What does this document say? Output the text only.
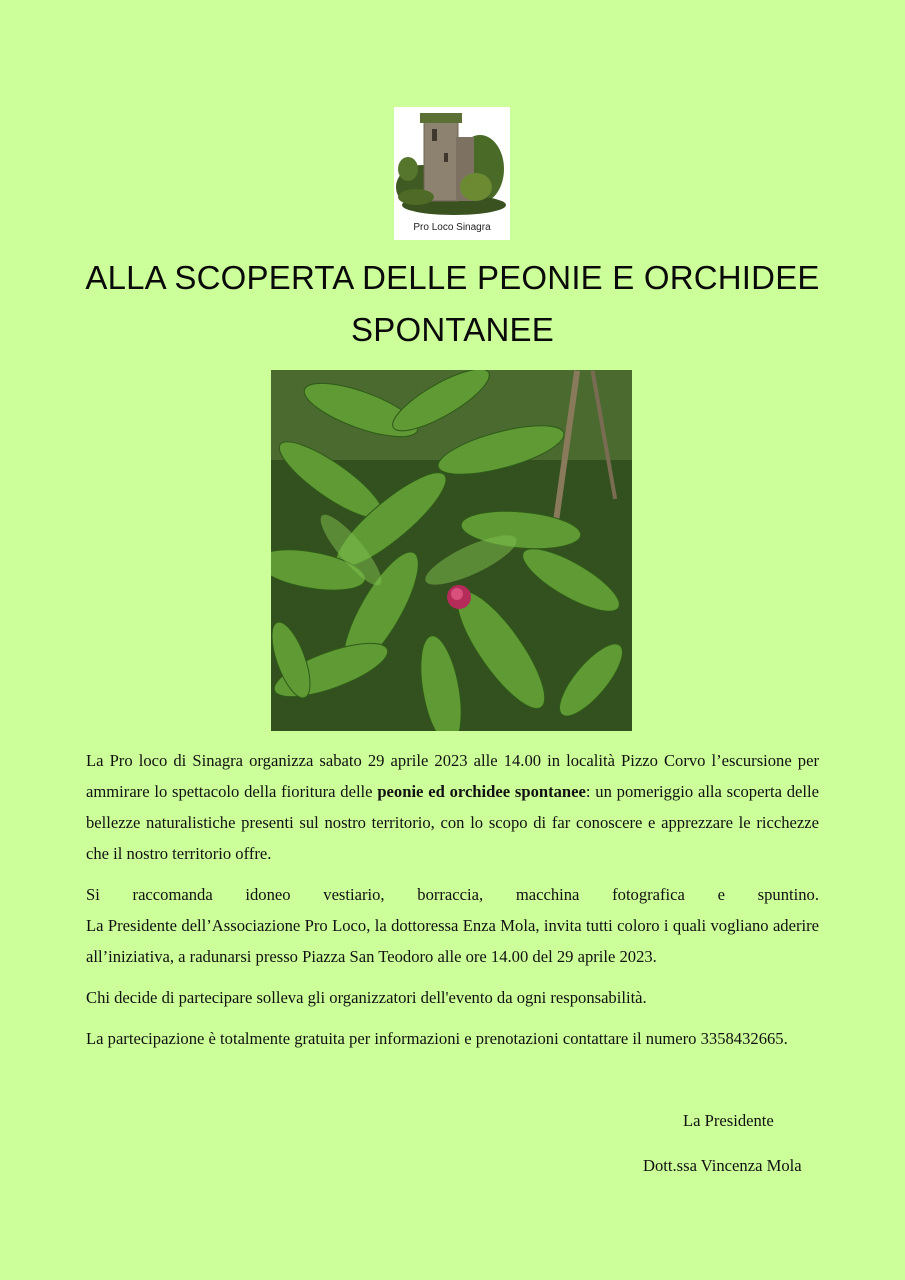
Pro Loco Sinagra
ALLA SCOPERTA DELLE PEONIE E ORCHIDEE
SPONTANEE

La Pro loco di Sinagra organizza sabato 29 aprile 2023 alle 14.00 in località Pizzo Corvo l’escursione per ammirare lo spettacolo della fioritura delle peonie ed orchidee spontanee: un pomeriggio alla scoperta delle bellezze naturalistiche presenti sul nostro territorio, con lo scopo di far conoscere e apprezzare le ricchezze che il nostro territorio offre.

Si raccomanda idoneo vestiario, borraccia, macchina fotografica e spuntino.
La Presidente dell’Associazione Pro Loco, la dottoressa Enza Mola, invita tutti coloro i quali vogliano aderire all’iniziativa, a radunarsi presso Piazza San Teodoro alle ore 14.00 del 29 aprile 2023.

Chi decide di partecipare solleva gli organizzatori dell'evento da ogni responsabilità.

La partecipazione è totalmente gratuita per informazioni e prenotazioni contattare il numero 3358432665.

La Presidente
Dott.ssa Vincenza Mola
